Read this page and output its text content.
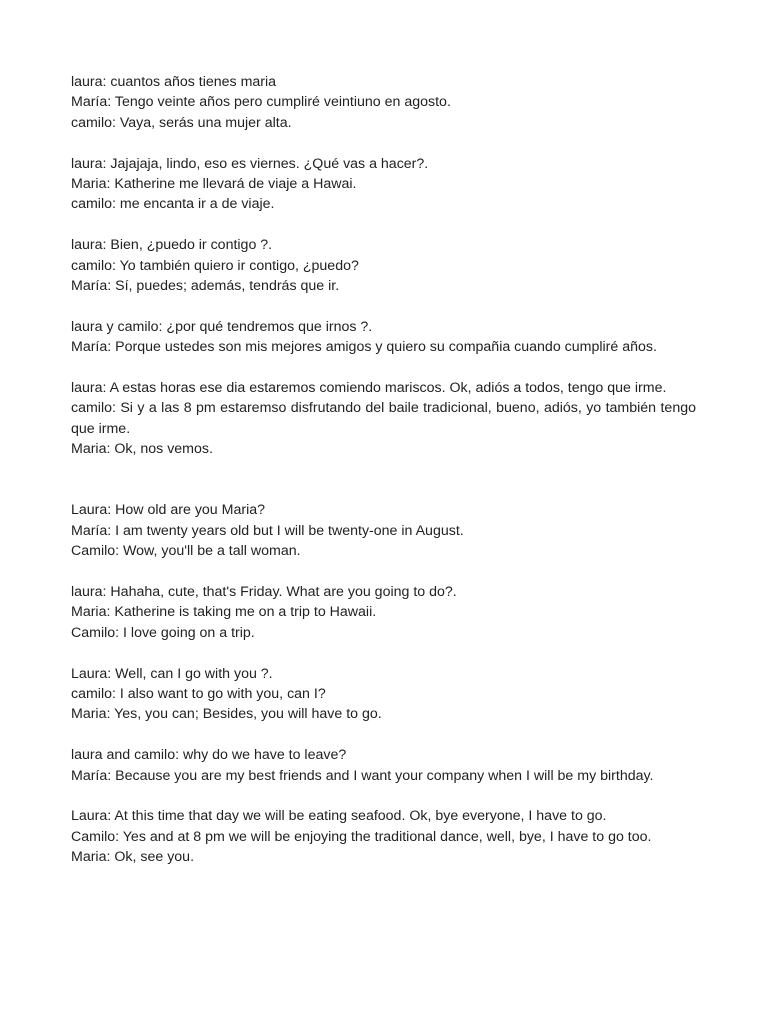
laura: cuantos años tienes maria
María: Tengo veinte años pero cumpliré veintiuno en agosto.
camilo: Vaya, serás una mujer alta.
laura: Jajajaja, lindo, eso es viernes. ¿Qué vas a hacer?.
Maria: Katherine me llevará de viaje a Hawai.
camilo: me encanta ir a de viaje.
laura: Bien, ¿puedo ir contigo ?.
camilo: Yo también quiero ir contigo, ¿puedo?
María: Sí, puedes; además, tendrás que ir.
laura y camilo: ¿por qué tendremos que irnos ?.
María: Porque ustedes son mis mejores amigos y quiero su compañia cuando cumpliré años.
laura: A estas horas ese dia estaremos comiendo mariscos. Ok, adiós a todos, tengo que irme.
camilo: Si y a las 8 pm estaremso disfrutando del baile tradicional, bueno, adiós, yo también tengo que irme.
Maria: Ok, nos vemos.
Laura: How old are you Maria?
María: I am twenty years old but I will be twenty-one in August.
Camilo: Wow, you'll be a tall woman.
laura: Hahaha, cute, that's Friday. What are you going to do?.
Maria: Katherine is taking me on a trip to Hawaii.
Camilo: I love going on a trip.
Laura: Well, can I go with you ?.
camilo: I also want to go with you, can I?
Maria: Yes, you can; Besides, you will have to go.
laura and camilo: why do we have to leave?
María: Because you are my best friends and I want your company when I will be my birthday.
Laura: At this time that day we will be eating seafood. Ok, bye everyone, I have to go.
Camilo: Yes and at 8 pm we will be enjoying the traditional dance, well, bye, I have to go too.
Maria: Ok, see you.
